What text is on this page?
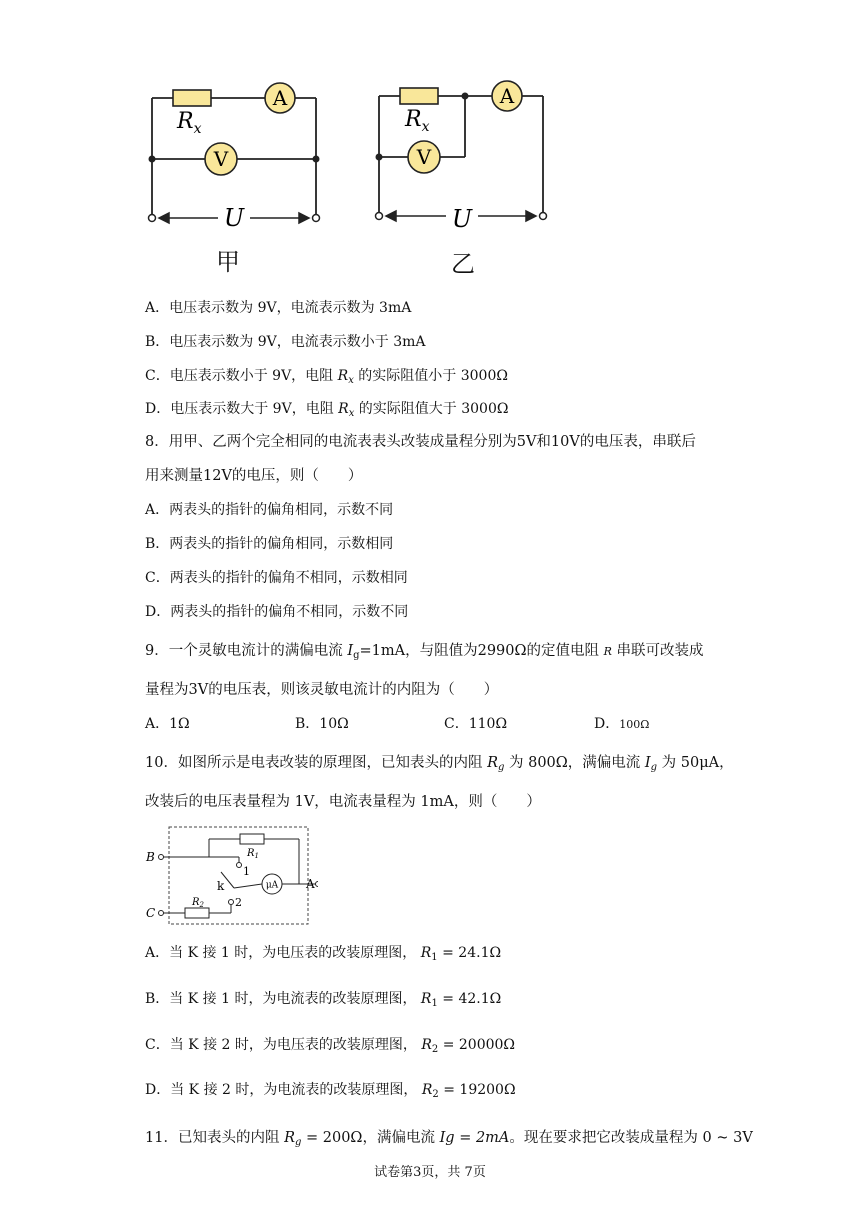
A
V
$R_x$
U
A
V
$R_x$
U
甲	乙
A．电压表示数为 9V，电流表示数为 3mA
B．电压表示数为 9V，电流表示数小于 3mA
C．电压表示数小于 9V，电阻 $R_x$ 的实际阻值小于 3000Ω
D．电压表示数大于 9V，电阻 $R_x$ 的实际阻值大于 3000Ω
8．用甲、乙两个完全相同的电流表表头改装成量程分别为5V和10V的电压表，串联后
用来测量12V的电压，则（　　）
A．两表头的指针的偏角相同，示数不同
B．两表头的指针的偏角相同，示数相同
C．两表头的指针的偏角不相同，示数相同
D．两表头的指针的偏角不相同，示数不同
9．一个灵敏电流计的满偏电流 $I_g=1mA$，与阻值为2990Ω的定值电阻 R 串联可改装成
量程为3V的电压表，则该灵敏电流计的内阻为（　　）
A．1Ω	B．10Ω	C．110Ω	D．100Ω
10．如图所示是电表改装的原理图，已知表头的内阻 $R_g$ 为 800Ω，满偏电流 $I_g$ 为 50μA，
改装后的电压表量程为 1V，电流表量程为 1mA，则（　　）
μA
B
C
A
k
1
2
$R_1$
$R_2$
A．当 K 接 1 时，为电压表的改装原理图， $R_1 = 24.1\Omega$
B．当 K 接 1 时，为电流表的改装原理图， $R_1 = 42.1\Omega$
C．当 K 接 2 时，为电压表的改装原理图， $R_2 = 20000\Omega$
D．当 K 接 2 时，为电流表的改装原理图， $R_2 = 19200\Omega$
11．已知表头的内阻 $R_g = 200\Omega$，满偏电流 Ig = 2mA。现在要求把它改装成量程为 0 ~ 3V
试卷第3页，共 7页
